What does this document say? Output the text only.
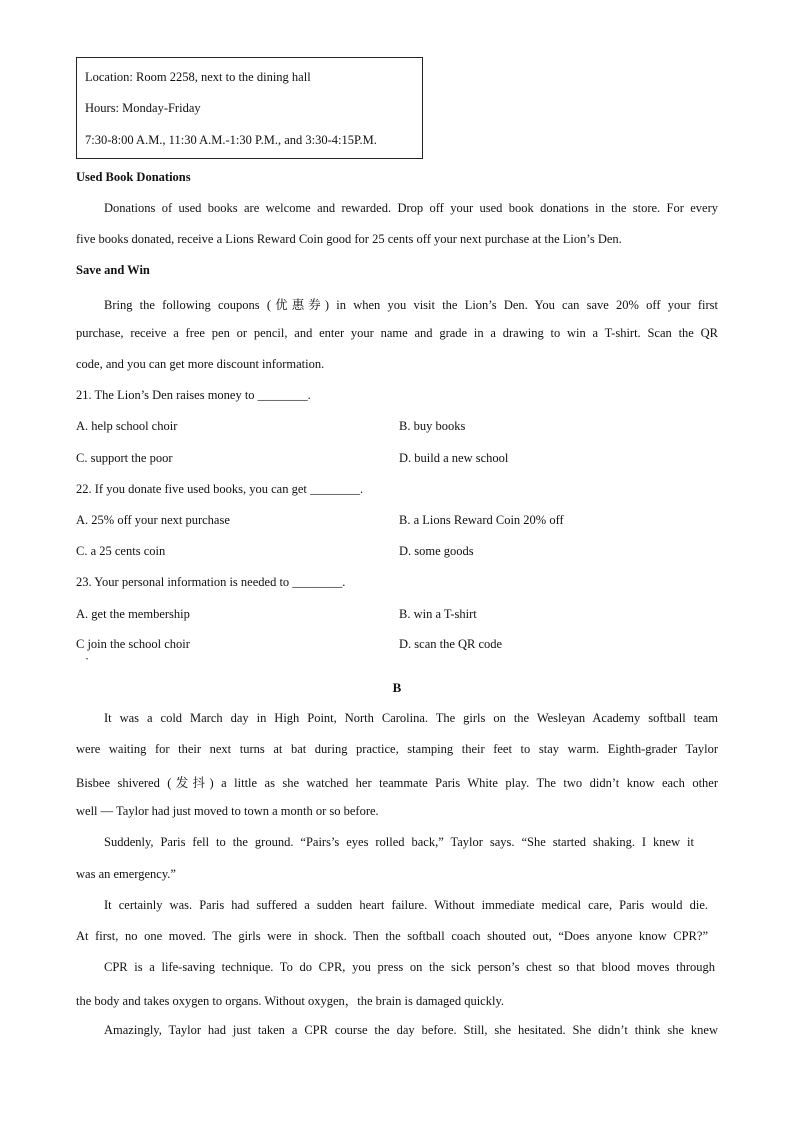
Location: Room 2258, next to the dining hall
Hours: Monday-Friday
7:30-8:00 A.M., 11:30 A.M.-1:30 P.M., and 3:30-4:15P.M.
Used Book Donations
Donations of used books are welcome and rewarded. Drop off your used book donations in the store. For every
five books donated, receive a Lions Reward Coin good for 25 cents off your next purchase at the Lion’s Den.
Save and Win
Bring the following coupons (优惠券) in when you visit the Lion’s Den. You can save 20% off your first
purchase, receive a free pen or pencil, and enter your name and grade in a drawing to win a T-shirt. Scan the QR
code, and you can get more discount information.
21. The Lion’s Den raises money to ________.
A. help school choir	B. buy books
C. support the poor	D. build a new school
22. If you donate five used books, you can get ________.
A. 25% off your next purchase	B. a Lions Reward Coin 20% off
C. a 25 cents coin	D. some goods
23. Your personal information is needed to ________.
A. get the membership	B. win a T-shirt
C join the school choir	D. scan the QR code
•
B
It was a cold March day in High Point, North Carolina. The girls on the Wesleyan Academy softball team
were waiting for their next turns at bat during practice, stamping their feet to stay warm. Eighth-grader Taylor
Bisbee shivered (发抖) a little as she watched her teammate Paris White play. The two didn’t know each other
well — Taylor had just moved to town a month or so before.
Suddenly, Paris fell to the ground. “Pairs’s eyes rolled back,” Taylor says. “She started shaking. I knew it
was an emergency.”
It certainly was. Paris had suffered a sudden heart failure. Without immediate medical care, Paris would die.
At first, no one moved. The girls were in shock. Then the softball coach shouted out, “Does anyone know CPR?”
CPR is a life-saving technique. To do CPR, you press on the sick person’s chest so that blood moves through
the body and takes oxygen to organs. Without oxygen，the brain is damaged quickly.
Amazingly, Taylor had just taken a CPR course the day before. Still, she hesitated. She didn’t think she knew
